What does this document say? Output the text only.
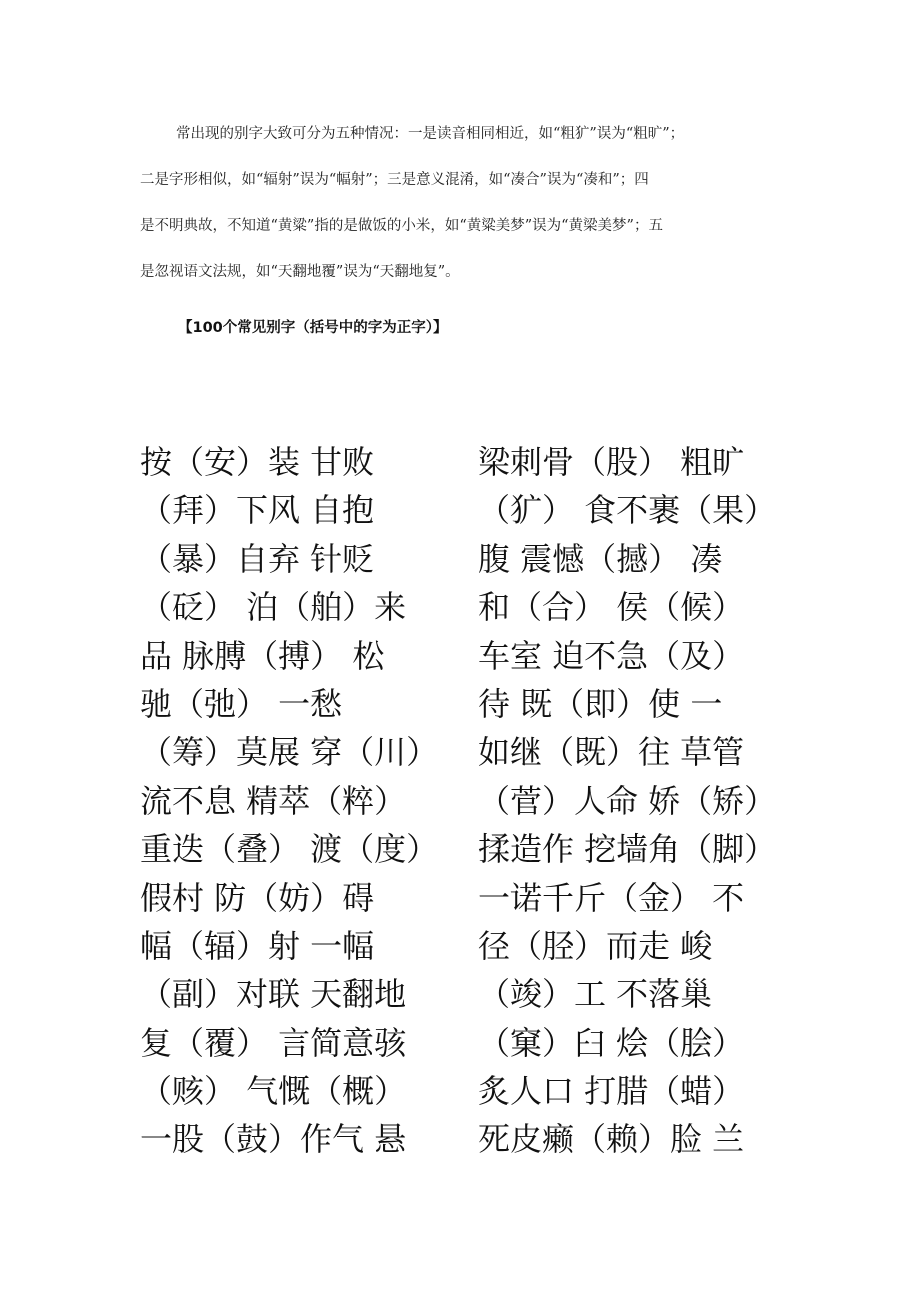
常出现的别字大致可分为五种情况：一是读音相同相近，如“粗犷”误为“粗旷”；
二是字形相似，如“辐射”误为“幅射”；三是意义混淆，如“凑合”误为“凑和”；四
是不明典故，不知道“黄粱”指的是做饭的小米，如“黄粱美梦”误为“黄梁美梦”；五
是忽视语文法规，如“天翻地覆”误为“天翻地复”。
【100个常见别字（括号中的字为正字）】
按（安）装 甘败
（拜）下风 自抱
（暴）自弃 针贬
（砭） 泊（舶）来
品 脉膊（搏） 松
驰（弛） 一愁
（筹）莫展 穿（川）
流不息 精萃（粹）
重迭（叠） 渡（度）
假村 防（妨）碍
幅（辐）射 一幅
（副）对联 天翻地
复（覆） 言简意骇
（赅） 气慨（概）
一股（鼓）作气 悬
梁刺骨（股） 粗旷
（犷） 食不裹（果）
腹 震憾（撼） 凑
和（合） 侯（候）
车室 迫不急（及）
待 既（即）使 一
如继（既）往 草管
（菅）人命 娇（矫）
揉造作 挖墙角（脚）
一诺千斤（金） 不
径（胫）而走 峻
（竣）工 不落巢
（窠）臼 烩（脍）
炙人口 打腊（蜡）
死皮癞（赖）脸 兰
